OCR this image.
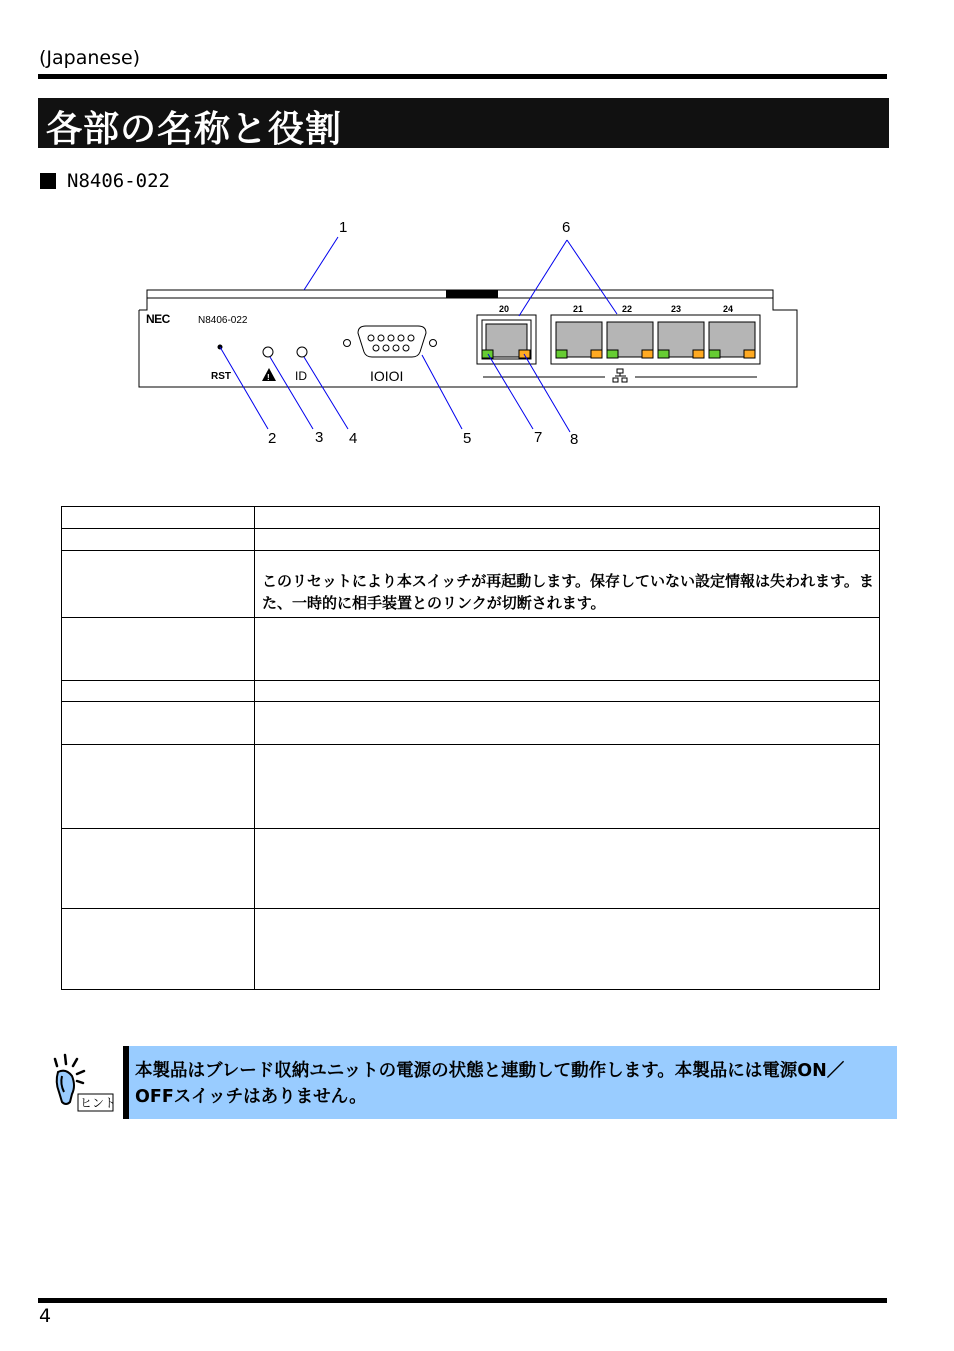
(Japanese)
各部の名称と役割
N8406-022
NEC	N8406-022
RST	! ID	IOIOI
20	21	22	23	24
1	6
2	3 4	5	7 8

	このリセットにより本スイッチが再起動します。保存していない設定情報は失われます。また、一時的に相手装置とのリンクが切断されます。

ヒント
本製品はブレード収納ユニットの電源の状態と連動して動作します。本製品には電源ON／OFFスイッチはありません。
4
